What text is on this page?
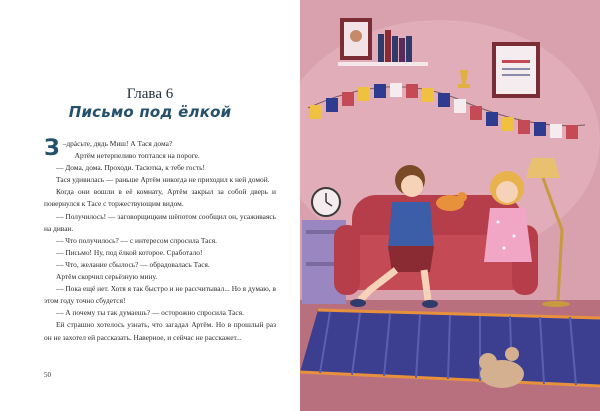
Глава 6
Письмо под ёлкой

З –дрáсьте, дядь Миш! А Тася дома?

Артём нетерпеливо топтался на пороге.

— Дома, дома. Проходи. Тасютка, к тебе гость!

Тася удивилась — раньше Артём никогда не приходил к ней домой.

Когда они вошли в её комнату, Артём закрыл за собой дверь и повернулся к Тасе с торжествующим видом.

— Получилось! — заговорщицким шёпотом сообщил он, усаживаясь на диван.

— Что получилось? — с интересом спросила Тася.

— Письмо! Ну, под ёлкой которое. Сработало!

— Что, желание сбылось? — обрадовалась Тася.

Артём скорчил серьёзную мину.

— Пока ещё нет. Хотя я так быстро и не рассчитывал... Но я думаю, в этом году точно сбудется!

— А почему ты так думаешь? — осторожно спросила Тася.

Ей страшно хотелось узнать, что загадал Артём. Но в прошлый раз он не захотел ей рассказать. Наверное, и сейчас не расскажет...

50
